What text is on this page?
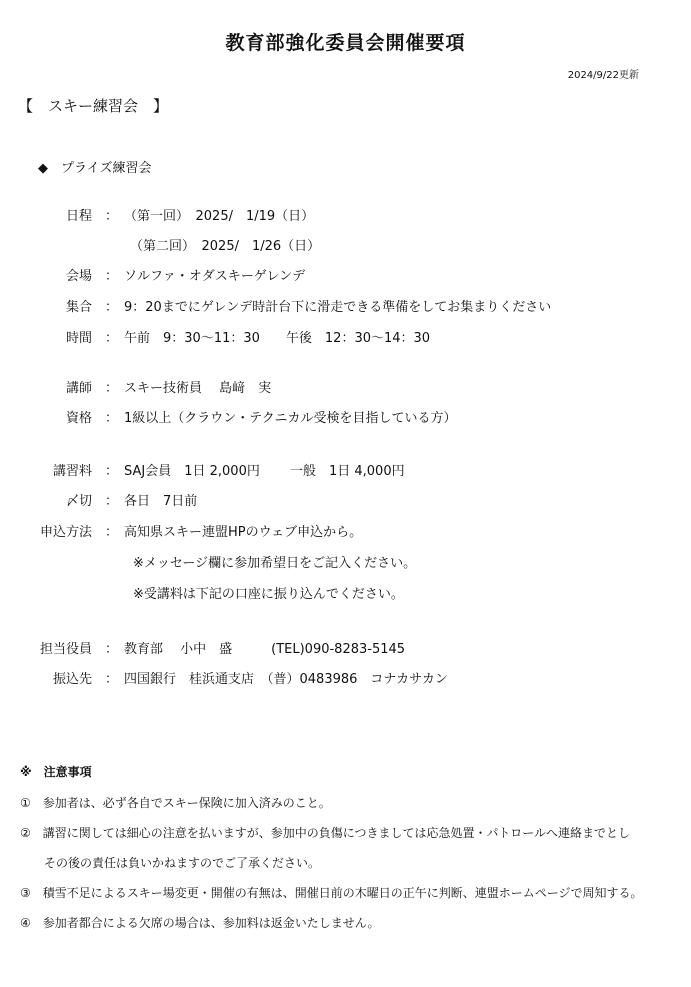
教育部強化委員会開催要項
2024/9/22更新
【　スキー練習会　】
◆　プライズ練習会
日程 ： （第一回）　2025/　1/19（日）
（第二回）　2025/　1/26（日）
会場 ： ソルファ・オダスキーゲレンデ
集合 ： 9：20までにゲレンデ時計台下に滑走できる準備をしてお集まりください
時間 ： 午前　9：30〜11：30　　午後　12：30〜14：30
講師 ： スキー技術員　 島﨑　実
資格 ： 1級以上（クラウン・テクニカル受検を目指している方）
講習料 ： SAJ会員　1日 2,000円　　 一般　1日 4,000円
〆切 ： 各日　7日前
申込方法 ： 高知県スキー連盟HPのウェブ申込から。
※メッセージ欄に参加希望日をご記入ください。
※受講料は下記の口座に振り込んでください。
担当役員 ： 教育部　 小中　盛　　　(TEL)090-8283-5145
振込先 ： 四国銀行　桂浜通支店　（普）0483986　コナカサカン
※　注意事項
①　参加者は、必ず各自でスキー保険に加入済みのこと。
②　講習に関しては細心の注意を払いますが、参加中の負傷につきましては応急処置・パトロールへ連絡までとし
　　その後の責任は負いかねますのでご了承ください。
③　積雪不足によるスキー場変更・開催の有無は、開催日前の木曜日の正午に判断、連盟ホームページで周知する。
④　参加者都合による欠席の場合は、参加料は返金いたしません。
